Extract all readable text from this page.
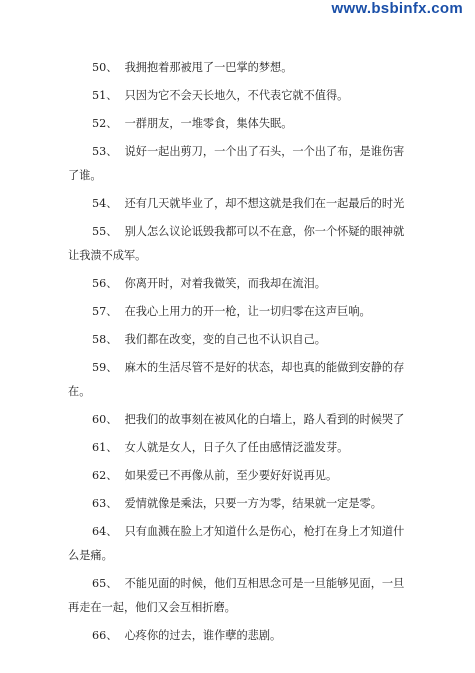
www.bsbinfx.com
50、 我拥抱着那被甩了一巴掌的梦想。
51、 只因为它不会天长地久，不代表它就不值得。
52、 一群朋友，一堆零食，集体失眠。
53、 说好一起出剪刀，一个出了石头，一个出了布，是谁伤害了谁。
54、 还有几天就毕业了，却不想这就是我们在一起最后的时光
55、 别人怎么议论诋毁我都可以不在意，你一个怀疑的眼神就让我溃不成军。
56、 你离开时，对着我微笑，而我却在流泪。
57、 在我心上用力的开一枪，让一切归零在这声巨响。
58、 我们都在改变，变的自己也不认识自己。
59、 麻木的生活尽管不是好的状态，却也真的能做到安静的存在。
60、 把我们的故事刻在被风化的白墙上，路人看到的时候哭了
61、 女人就是女人，日子久了任由感情泛滥发芽。
62、 如果爱已不再像从前，至少要好好说再见。
63、 爱情就像是乘法，只要一方为零，结果就一定是零。
64、 只有血溅在脸上才知道什么是伤心，枪打在身上才知道什么是痛。
65、 不能见面的时候，他们互相思念可是一旦能够见面，一旦再走在一起，他们又会互相折磨。
66、 心疼你的过去，谁作孽的悲剧。
